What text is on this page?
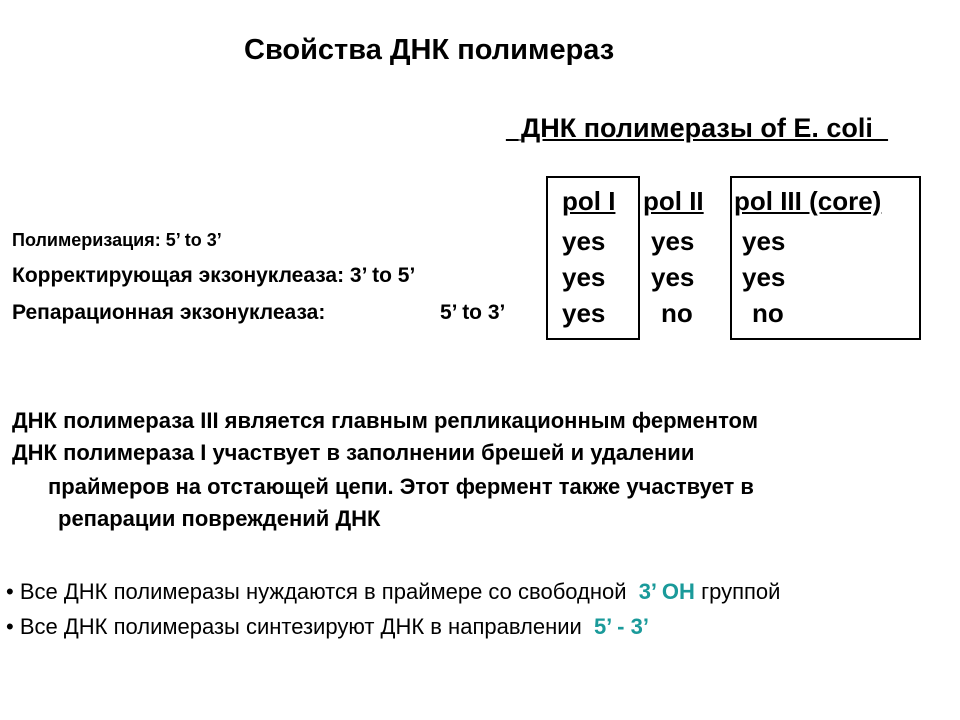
Свойства ДНК полимераз
_ДНК полимеразы of E. coli_
pol I pol II pol III (core)
Полимеризация: 5’ to 3’
Корректирующая экзонуклеаза: 3’ to 5’
Репарационная экзонуклеаза:	5’ to 3’
yes yes yes
yes yes yes
yes no no
ДНК полимераза III является главным репликационным ферментом
ДНК полимераза I участвует в заполнении брешей и удалении
праймеров на отстающей цепи. Этот фермент также участвует в
репарации повреждений ДНК
• Все ДНК полимеразы нуждаются в праймере со свободной 3’ OH группой
• Все ДНК полимеразы синтезируют ДНК в направлении 5’ - 3’
